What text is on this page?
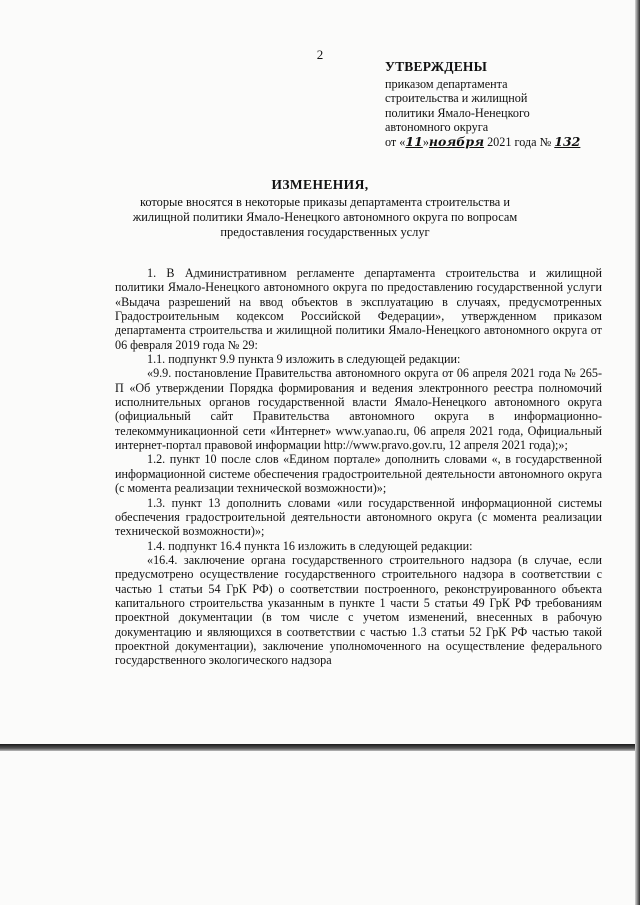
2
УТВЕРЖДЕНЫ
приказом департамента
строительства и жилищной
политики Ямало-Ненецкого
автономного округа
от «11»ноября 2021 года № 132
ИЗМЕНЕНИЯ,
которые вносятся в некоторые приказы департамента строительства и жилищной политики Ямало-Ненецкого автономного округа по вопросам предоставления государственных услуг

1. В Административном регламенте департамента строительства и жилищной политики Ямало-Ненецкого автономного округа по предоставлению государственной услуги «Выдача разрешений на ввод объектов в эксплуатацию в случаях, предусмотренных Градостроительным кодексом Российской Федерации», утвержденном приказом департамента строительства и жилищной политики Ямало-Ненецкого автономного округа от 06 февраля 2019 года № 29:

1.1. подпункт 9.9 пункта 9 изложить в следующей редакции:

«9.9. постановление Правительства автономного округа от 06 апреля 2021 года № 265-П «Об утверждении Порядка формирования и ведения электронного реестра полномочий исполнительных органов государственной власти Ямало-Ненецкого автономного округа (официальный сайт Правительства автономного округа в информационно-телекоммуникационной сети «Интернет» www.yanao.ru, 06 апреля 2021 года, Официальный интернет-портал правовой информации http://www.pravo.gov.ru, 12 апреля 2021 года);»;

1.2. пункт 10 после слов «Едином портале» дополнить словами «, в государственной информационной системе обеспечения градостроительной деятельности автономного округа (с момента реализации технической возможности)»;

1.3. пункт 13 дополнить словами «или государственной информационной системы обеспечения градостроительной деятельности автономного округа (с момента реализации технической возможности)»;

1.4. подпункт 16.4 пункта 16 изложить в следующей редакции:

«16.4. заключение органа государственного строительного надзора (в случае, если предусмотрено осуществление государственного строительного надзора в соответствии с частью 1 статьи 54 ГрК РФ) о соответствии построенного, реконструированного объекта капитального строительства указанным в пункте 1 части 5 статьи 49 ГрК РФ требованиям проектной документации (в том числе с учетом изменений, внесенных в рабочую документацию и являющихся в соответствии с частью 1.3 статьи 52 ГрК РФ частью такой проектной документации), заключение уполномоченного на осуществление федерального государственного экологического надзора
